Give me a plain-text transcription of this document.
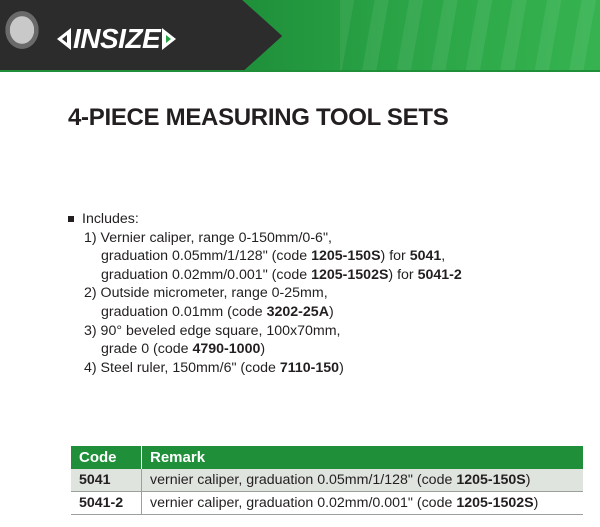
INSIZE
4-PIECE MEASURING TOOL SETS
Includes:
1) Vernier caliper, range 0-150mm/0-6",
graduation 0.05mm/1/128" (code 1205-150S) for 5041,
graduation 0.02mm/0.001" (code 1205-1502S) for 5041-2
2) Outside micrometer, range 0-25mm,
graduation 0.01mm (code 3202-25A)
3) 90° beveled edge square, 100x70mm,
grade 0 (code 4790-1000)
4) Steel ruler, 150mm/6" (code 7110-150)
Code	Remark
5041	vernier caliper, graduation 0.05mm/1/128" (code 1205-150S)
5041-2	vernier caliper, graduation 0.02mm/0.001" (code 1205-1502S)
